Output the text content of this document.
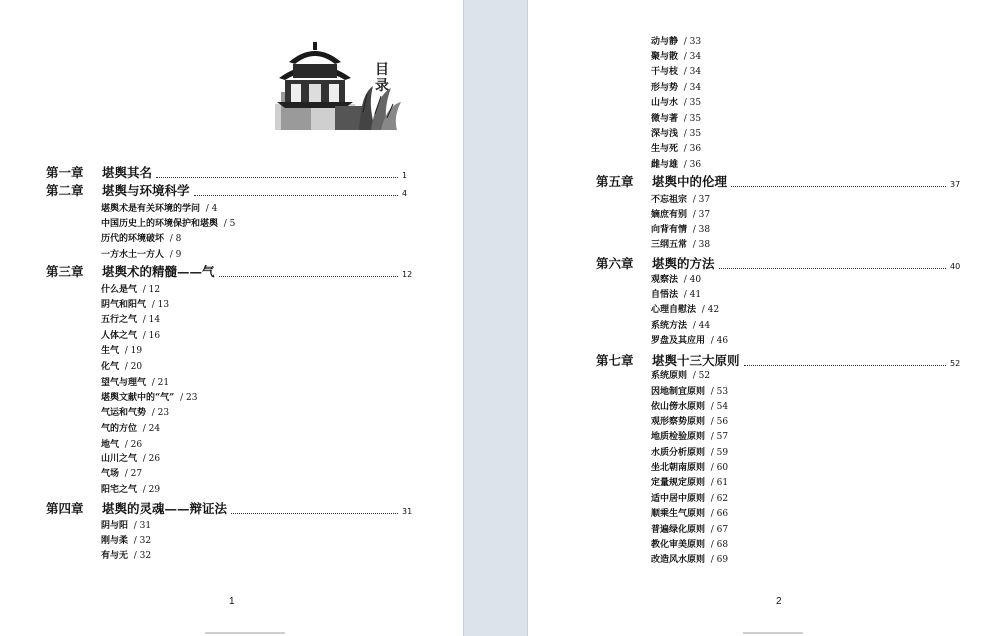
目录
1
第一章 堪舆其名	1
第二章 堪舆与环境科学	4
堪舆术是有关环境的学问  / 4
中国历史上的环境保护和堪舆  / 5
历代的环境破坏  / 8
一方水土一方人  / 9
第三章 堪舆术的精髓——气	12
什么是气  / 12
阴气和阳气  / 13
五行之气  / 14
人体之气  / 16
生气  / 19
化气  / 20
望气与理气  / 21
堪舆文献中的“气”  / 23
气运和气势  / 23
气的方位  / 24
地气  / 26
山川之气  / 26
气场  / 27
阳宅之气  / 29
第四章 堪舆的灵魂——辩证法	31
阴与阳  / 31
刚与柔  / 32
有与无  / 32
2
动与静  / 33
聚与散  / 34
干与枝  / 34
形与势  / 34
山与水  / 35
微与著  / 35
深与浅  / 35
生与死  / 36
雌与雄  / 36
第五章 堪舆中的伦理	37
不忘祖宗  / 37
嫡庶有别  / 37
向背有情  / 38
三纲五常  / 38
第六章 堪舆的方法	40
观察法  / 40
自悟法  / 41
心理自慰法  / 42
系统方法  / 44
罗盘及其应用  / 46
第七章 堪舆十三大原则	52
系统原则  / 52
因地制宜原则  / 53
依山傍水原则  / 54
观形察势原则  / 56
地质检验原则  / 57
水质分析原则  / 59
坐北朝南原则  / 60
定量规定原则  / 61
适中居中原则  / 62
顺乘生气原则  / 66
普遍绿化原则  / 67
教化审美原则  / 68
改造风水原则  / 69
